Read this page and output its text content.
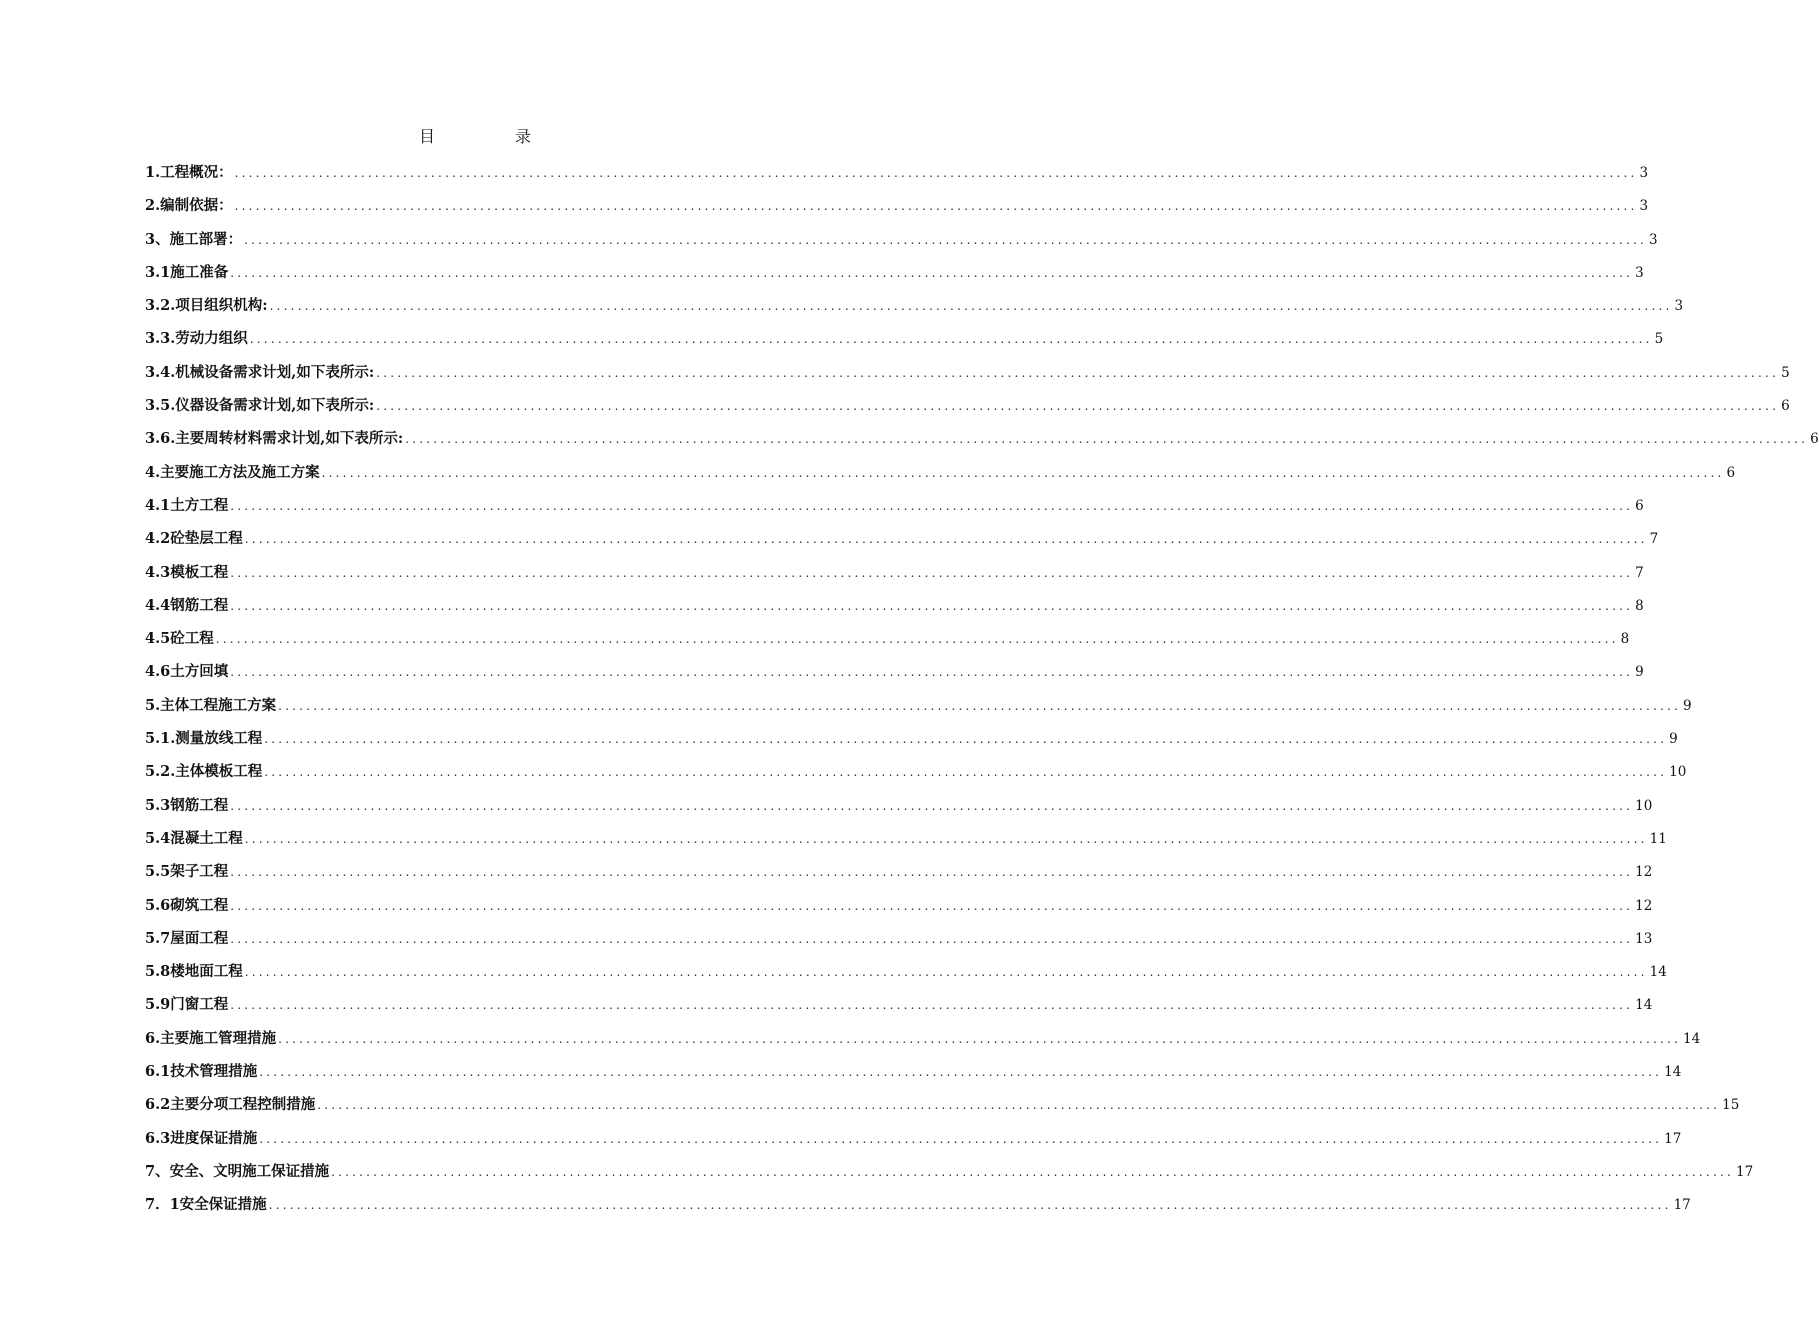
目　录
1.工程概况： ........................................................................................................................................................................................................ 3
2.编制依据： ........................................................................................................................................................................................................ 3
3、施工部署： ........................................................................................................................................................................................................ 3
3.1施工准备 ........................................................................................................................................................................................................ 3
3.2.项目组织机构: ........................................................................................................................................................................................................ 3
3.3.劳动力组织 ........................................................................................................................................................................................................ 5
3.4.机械设备需求计划,如下表所示: ........................................................................................................................................................................................................ 5
3.5.仪器设备需求计划,如下表所示: ........................................................................................................................................................................................................ 6
3.6.主要周转材料需求计划,如下表所示: ........................................................................................................................................................................................................ 6
4.主要施工方法及施工方案 ........................................................................................................................................................................................................ 6
4.1土方工程 ........................................................................................................................................................................................................ 6
4.2砼垫层工程 ........................................................................................................................................................................................................ 7
4.3模板工程 ........................................................................................................................................................................................................ 7
4.4钢筋工程 ........................................................................................................................................................................................................ 8
4.5砼工程 ........................................................................................................................................................................................................ 8
4.6土方回填 ........................................................................................................................................................................................................ 9
5.主体工程施工方案 ........................................................................................................................................................................................................ 9
5.1.测量放线工程 ........................................................................................................................................................................................................ 9
5.2.主体模板工程 ........................................................................................................................................................................................................ 10
5.3钢筋工程 ........................................................................................................................................................................................................ 10
5.4混凝土工程 ........................................................................................................................................................................................................ 11
5.5架子工程 ........................................................................................................................................................................................................ 12
5.6砌筑工程 ........................................................................................................................................................................................................ 12
5.7屋面工程 ........................................................................................................................................................................................................ 13
5.8楼地面工程 ........................................................................................................................................................................................................ 14
5.9门窗工程 ........................................................................................................................................................................................................ 14
6.主要施工管理措施 ........................................................................................................................................................................................................ 14
6.1技术管理措施 ........................................................................................................................................................................................................ 14
6.2主要分项工程控制措施 ........................................................................................................................................................................................................ 15
6.3进度保证措施 ........................................................................................................................................................................................................ 17
7、安全、文明施工保证措施 ........................................................................................................................................................................................................ 17
7．1安全保证措施 ........................................................................................................................................................................................................ 17
